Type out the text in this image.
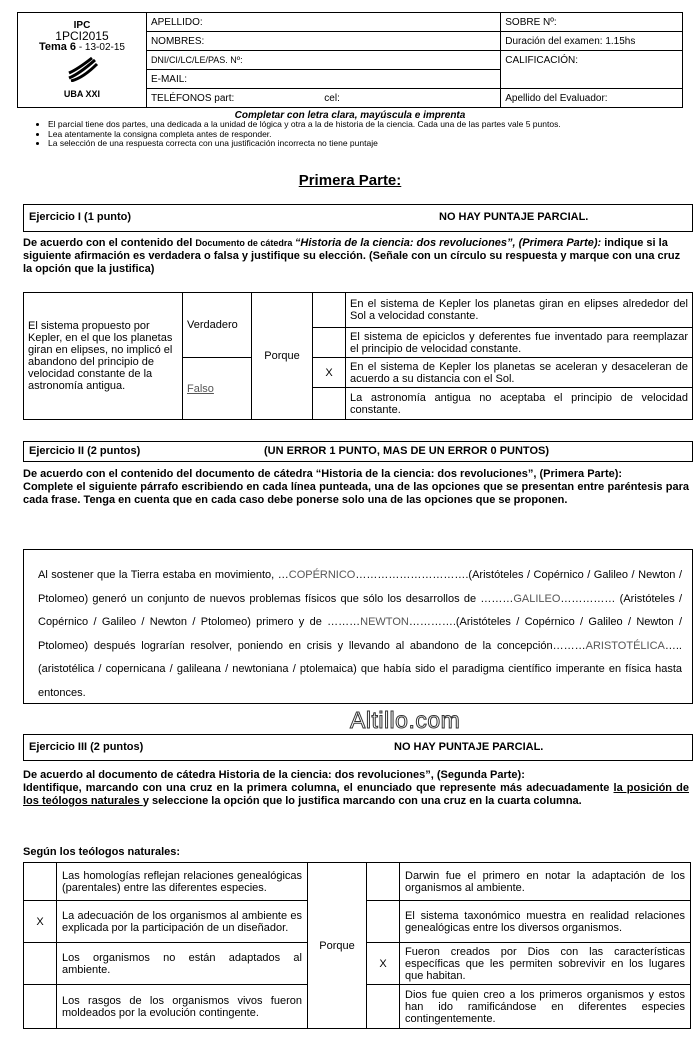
IPC
1PCI2015
Tema 6 - 13-02-15
UBA XXI	APELLIDO:	SOBRE Nº:
	NOMBRES:	Duración del examen: 1.15hs
	DNI/CI/LC/LE/PAS. Nº:	CALIFICACIÓN:
	E-MAIL:	
	TELÉFONOS part: cel:	Apellido del Evaluador:
Completar con letra clara, mayúscula e imprenta
• El parcial tiene dos partes, una dedicada a la unidad de lógica y otra a la de historia de la ciencia. Cada una de las partes vale 5 puntos.
• Lea atentamente la consigna completa antes de responder.
• La selección de una respuesta correcta con una justificación incorrecta no tiene puntaje
Primera Parte:
Ejercicio I (1 punto)	NO HAY PUNTAJE PARCIAL.
De acuerdo con el contenido del Documento de cátedra “Historia de la ciencia: dos revoluciones”, (Primera Parte): indique si la siguiente afirmación es verdadera o falsa y justifique su elección. (Señale con un círculo su respuesta y marque con una cruz la opción que la justifica)
El sistema propuesto por Kepler, en el que los planetas giran en elipses, no implicó el abandono del principio de velocidad constante de la astronomía antigua.	Verdadero	Porque		En el sistema de Kepler los planetas giran en elipses alrededor del Sol a velocidad constante.
				El sistema de epiciclos y deferentes fue inventado para reemplazar el principio de velocidad constante.
	Falso		X	En el sistema de Kepler los planetas se aceleran y desaceleran de acuerdo a su distancia con el Sol.
				La astronomía antigua no aceptaba el principio de velocidad constante.
Ejercicio II (2 puntos)	(UN ERROR 1 PUNTO, MAS DE UN ERROR 0 PUNTOS)
De acuerdo con el contenido del documento de cátedra “Historia de la ciencia: dos revoluciones”, (Primera Parte):
Complete el siguiente párrafo escribiendo en cada línea punteada, una de las opciones que se presentan entre paréntesis para cada frase. Tenga en cuenta que en cada caso debe ponerse solo una de las opciones que se proponen.
Al sostener que la Tierra estaba en movimiento, …COPÉRNICO………………………….(Aristóteles / Copérnico / Galileo / Newton / Ptolomeo) generó un conjunto de nuevos problemas físicos que sólo los desarrollos de ………GALILEO…………… (Aristóteles / Copérnico / Galileo / Newton / Ptolomeo) primero y de ………NEWTON………….(Aristóteles / Copérnico / Galileo / Newton / Ptolomeo) después lograrían resolver, poniendo en crisis y llevando al abandono de la concepción………ARISTOTÉLICA….. (aristotélica / copernicana / galileana / newtoniana / ptolemaica) que había sido el paradigma científico imperante en física hasta entonces.
Altillo.com
Ejercicio III (2 puntos)	NO HAY PUNTAJE PARCIAL.
De acuerdo al documento de cátedra Historia de la ciencia: dos revoluciones”, (Segunda Parte):
Identifique, marcando con una cruz en la primera columna, el enunciado que represente más adecuadamente la posición de los teólogos naturales y seleccione la opción que lo justifica marcando con una cruz en la cuarta columna.
Según los teólogos naturales:
	Las homologías reflejan relaciones genealógicas (parentales) entre las diferentes especies.	Porque		Darwin fue el primero en notar la adaptación de los organismos al ambiente.
X	La adecuación de los organismos al ambiente es explicada por la participación de un diseñador.			El sistema taxonómico muestra en realidad relaciones genealógicas entre los diversos organismos.
	Los organismos no están adaptados al ambiente.		X	Fueron creados por Dios con las características específicas que les permiten sobrevivir en los lugares que habitan.
	Los rasgos de los organismos vivos fueron moldeados por la evolución contingente.			Dios fue quien creo a los primeros organismos y estos han ido ramificándose en diferentes especies contingentemente.
